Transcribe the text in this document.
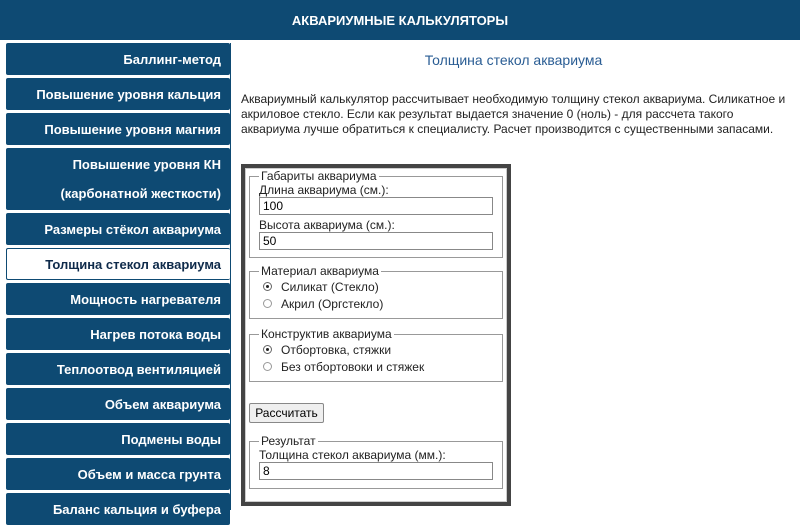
АКВАРИУМНЫЕ КАЛЬКУЛЯТОРЫ
Баллинг-метод
Повышение уровня кальция
Повышение уровня магния
Повышение уровня КН
(карбонатной жесткости)
Размеры стёкол аквариума
Толщина стекол аквариума
Мощность нагревателя
Нагрев потока воды
Теплоотвод вентиляцией
Объем аквариума
Подмены воды
Объем и масса грунта
Баланс кальция и буфера
Толщина стекол аквариума
Аквариумный калькулятор рассчитывает необходимую толщину стекол аквариума. Силикатное и акриловое стекло. Если как результат выдается значение 0 (ноль) - для рассчета такого аквариума лучше обратиться к специалисту. Расчет производится с существенными запасами.
Габариты аквариума
Длина аквариума (см.):
100
Высота аквариума (см.):
50
Материал аквариума
Силикат (Стекло)
Акрил (Оргстекло)
Конструктив аквариума
Отбортовка, стяжки
Без отбортовоки и стяжек
Рассчитать
Результат
Толщина стекол аквариума (мм.):
8
